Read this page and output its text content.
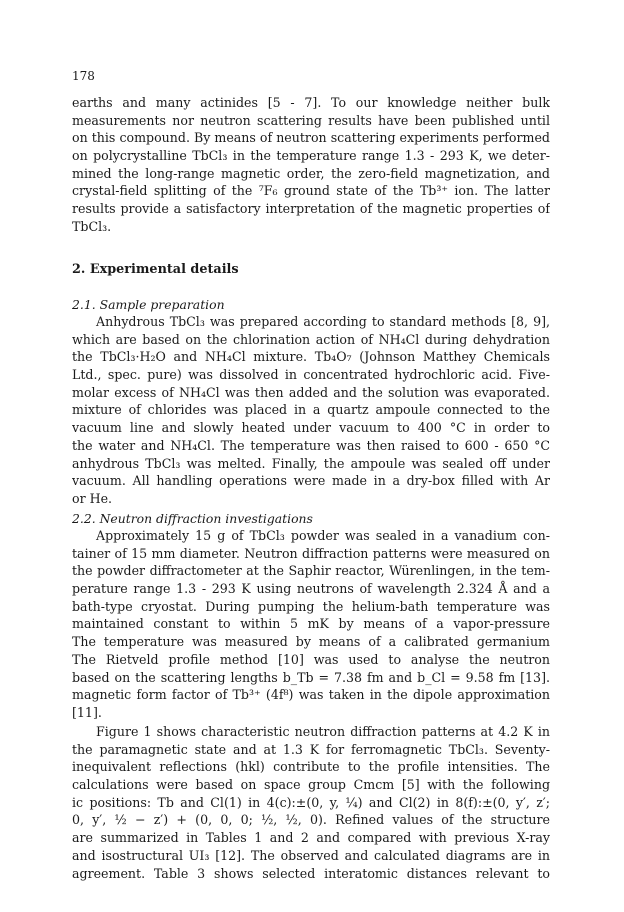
178
earths and many actinides [5 - 7]. To our knowledge neither bulk
measurements nor neutron scattering results have been published until
on this compound. By means of neutron scattering experiments performed
on polycrystalline TbCl₃ in the temperature range 1.3 - 293 K, we deter-
mined the long-range magnetic order, the zero-field magnetization, and
crystal-field splitting of the ⁷F₆ ground state of the Tb³⁺ ion. The latter
results provide a satisfactory interpretation of the magnetic properties of
TbCl₃.
2. Experimental details
2.1. Sample preparation
Anhydrous TbCl₃ was prepared according to standard methods [8, 9],
which are based on the chlorination action of NH₄Cl during dehydration
the TbCl₃·H₂O and NH₄Cl mixture. Tb₄O₇ (Johnson Matthey Chemicals
Ltd., spec. pure) was dissolved in concentrated hydrochloric acid. Five-
molar excess of NH₄Cl was then added and the solution was evaporated.
mixture of chlorides was placed in a quartz ampoule connected to the
vacuum line and slowly heated under vacuum to 400 °C in order to
the water and NH₄Cl. The temperature was then raised to 600 - 650 °C
anhydrous TbCl₃ was melted. Finally, the ampoule was sealed off under
vacuum. All handling operations were made in a dry-box filled with Ar
or He.
2.2. Neutron diffraction investigations
Approximately 15 g of TbCl₃ powder was sealed in a vanadium con-
tainer of 15 mm diameter. Neutron diffraction patterns were measured on
the powder diffractometer at the Saphir reactor, Würenlingen, in the tem-
perature range 1.3 - 293 K using neutrons of wavelength 2.324 Å and a
bath-type cryostat. During pumping the helium-bath temperature was
maintained constant to within 5 mK by means of a vapor-pressure
The temperature was measured by means of a calibrated germanium
The Rietveld profile method [10] was used to analyse the neutron
based on the scattering lengths b_Tb = 7.38 fm and b_Cl = 9.58 fm [13].
magnetic form factor of Tb³⁺ (4f⁸) was taken in the dipole approximation
[11].
Figure 1 shows characteristic neutron diffraction patterns at 4.2 K in
the paramagnetic state and at 1.3 K for ferromagnetic TbCl₃. Seventy-
inequivalent reflections (hkl) contribute to the profile intensities. The
calculations were based on space group Cmcm [5] with the following
ic positions: Tb and Cl(1) in 4(c):±(0, y, ¼) and Cl(2) in 8(f):±(0, y′, z′;
0, y′, ½ − z′) + (0, 0, 0; ½, ½, 0). Refined values of the structure
are summarized in Tables 1 and 2 and compared with previous X-ray
and isostructural UI₃ [12]. The observed and calculated diagrams are in
agreement. Table 3 shows selected interatomic distances relevant to
